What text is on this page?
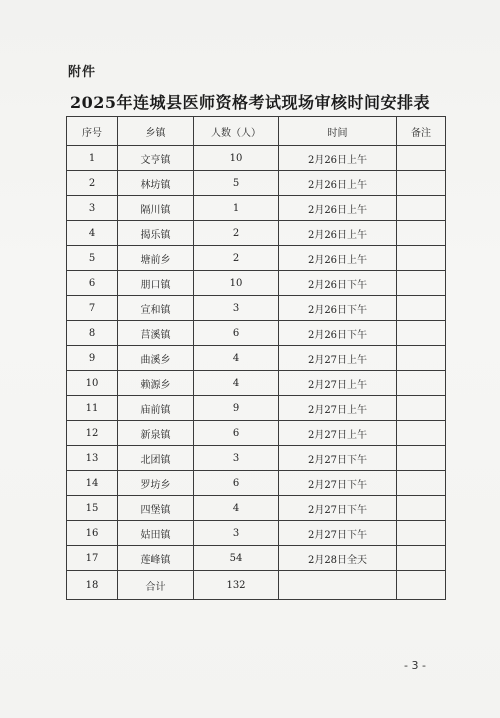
附件
2025年连城县医师资格考试现场审核时间安排表
序号	乡镇	人数（人）	时间	备注
1	文亨镇	10	2月26日上午	
2	林坊镇	5	2月26日上午	
3	隔川镇	1	2月26日上午	
4	揭乐镇	2	2月26日上午	
5	塘前乡	2	2月26日上午	
6	朋口镇	10	2月26日下午	
7	宣和镇	3	2月26日下午	
8	莒溪镇	6	2月26日下午	
9	曲溪乡	4	2月27日上午	
10	赖源乡	4	2月27日上午	
11	庙前镇	9	2月27日上午	
12	新泉镇	6	2月27日上午	
13	北团镇	3	2月27日下午	
14	罗坊乡	6	2月27日下午	
15	四堡镇	4	2月27日下午	
16	姑田镇	3	2月27日下午	
17	莲峰镇	54	2月28日全天	
18	合计	132		
- 3 -
